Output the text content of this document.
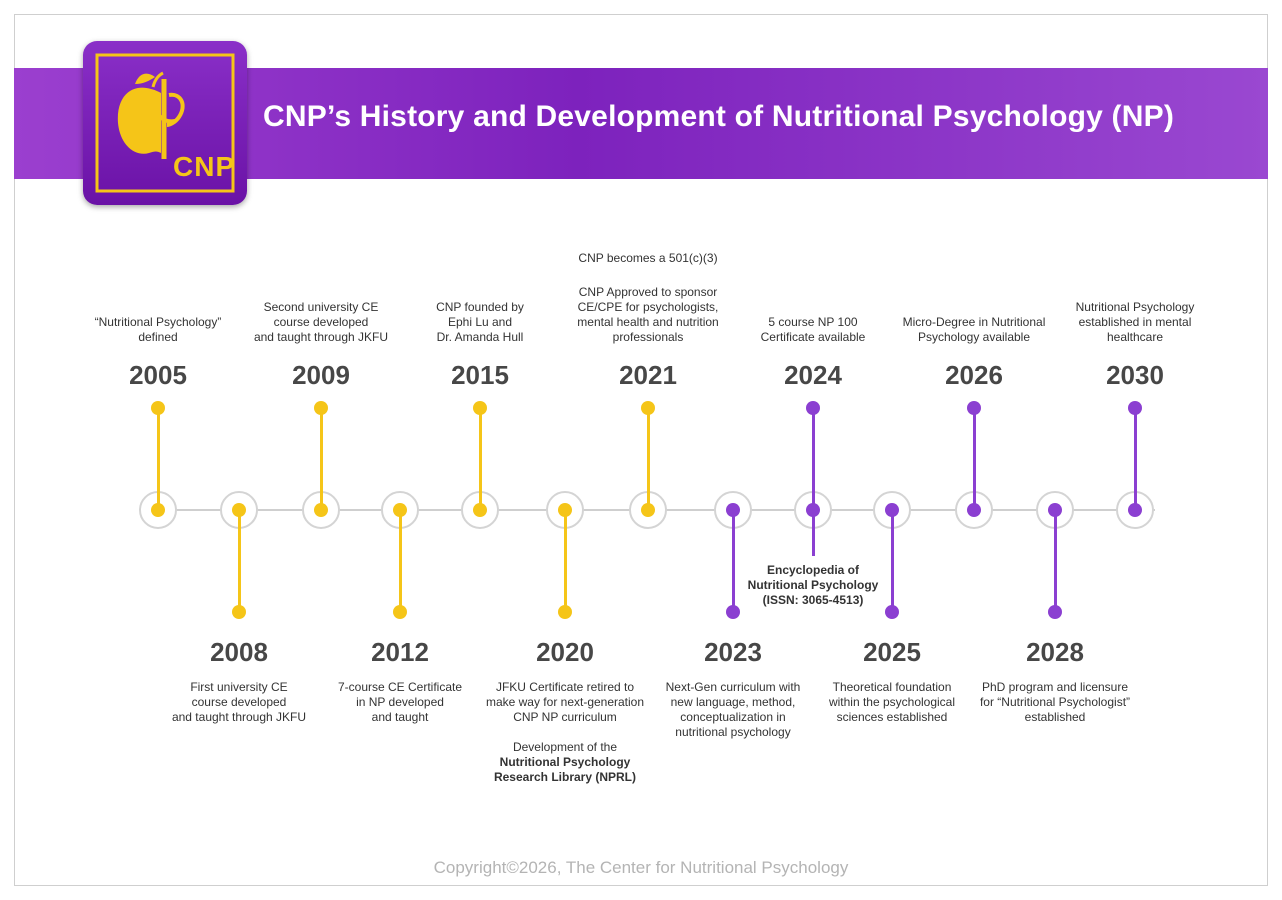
CNP’s History and Development of Nutritional Psychology (NP)
CNP
2005
“Nutritional Psychology”
defined
2008
First university CE
course developed
and taught through JKFU
2009
Second university CE
course developed
and taught through JKFU
2012
7-course CE Certificate
in NP developed
and taught
2015
CNP founded by
Ephi Lu and
Dr. Amanda Hull
2020
JFKU Certificate retired to
make way for next-generation
CNP NP curriculum
Development of the
Nutritional Psychology
Research Library (NPRL)
2021
CNP Approved to sponsor
CE/CPE for psychologists,
mental health and nutrition
professionals
CNP becomes a 501(c)(3)
2023
Next-Gen curriculum with
new language, method,
conceptualization in
nutritional psychology
2024
5 course NP 100
Certificate available
Encyclopedia of
Nutritional Psychology
(ISSN: 3065-4513)
2025
Theoretical foundation
within the psychological
sciences established
2026
Micro-Degree in Nutritional
Psychology available
2028
PhD program and licensure
for “Nutritional Psychologist”
established
2030
Nutritional Psychology
established in mental
healthcare
Copyright©2026, The Center for Nutritional Psychology
